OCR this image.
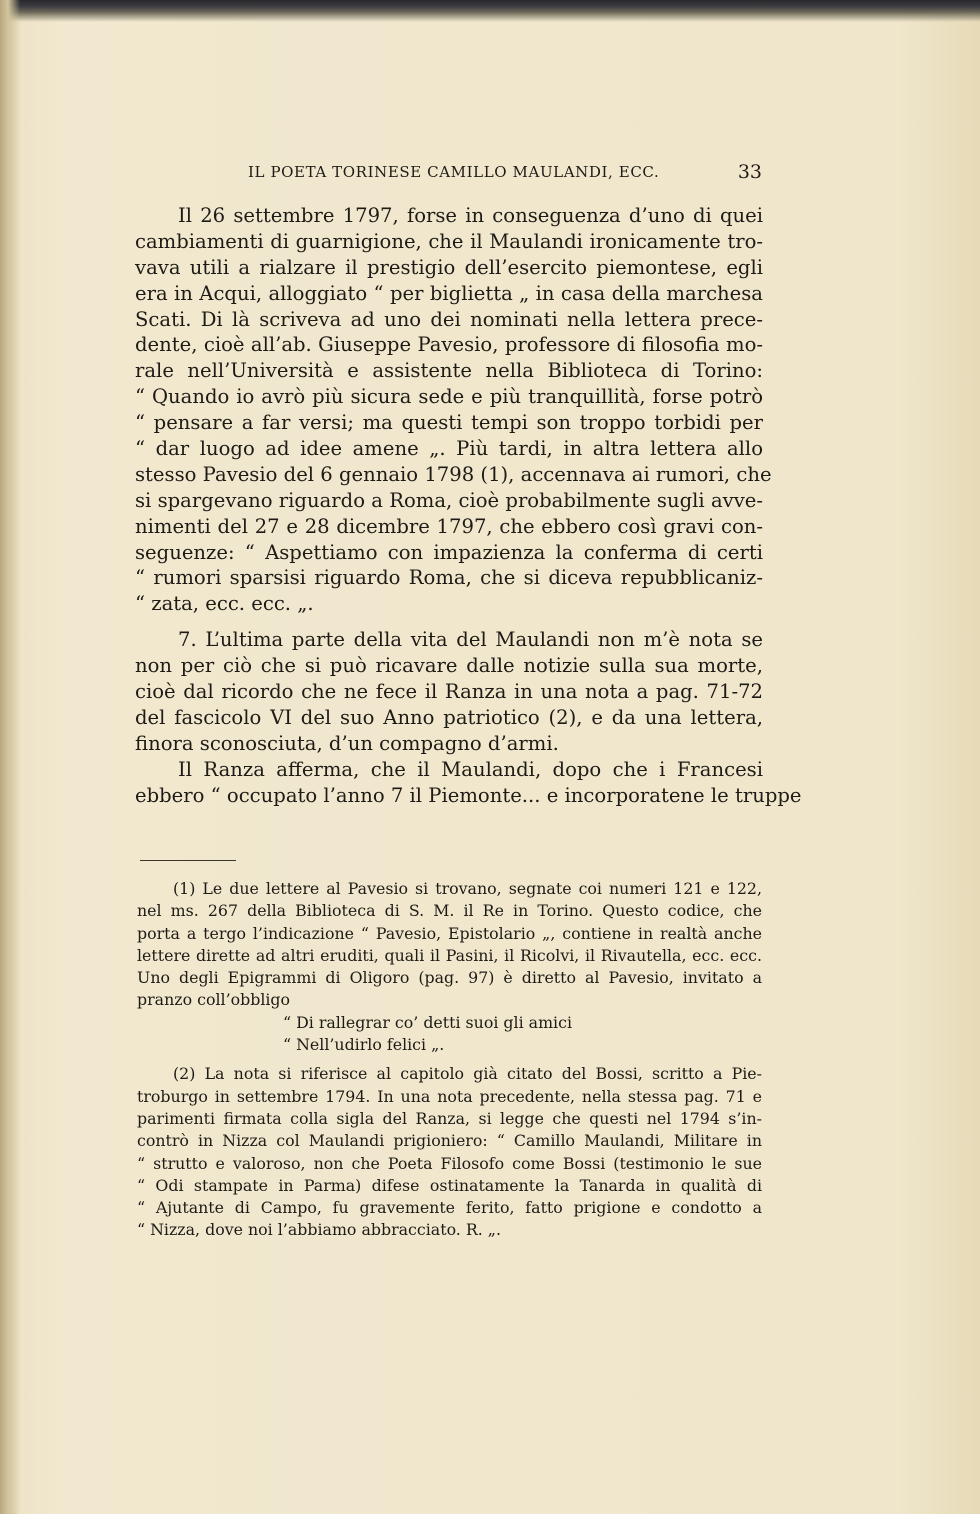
IL POETA TORINESE CAMILLO MAULANDI, ECC.	33
Il 26 settembre 1797, forse in conseguenza d’uno di quei
cambiamenti di guarnigione, che il Maulandi ironicamente tro-
vava utili a rialzare il prestigio dell’esercito piemontese, egli
era in Acqui, alloggiato “ per biglietta „ in casa della marchesa
Scati. Di là scriveva ad uno dei nominati nella lettera prece-
dente, cioè all’ab. Giuseppe Pavesio, professore di filosofia mo-
rale nell’Università e assistente nella Biblioteca di Torino:
“ Quando io avrò più sicura sede e più tranquillità, forse potrò
“ pensare a far versi; ma questi tempi son troppo torbidi per
“ dar luogo ad idee amene „. Più tardi, in altra lettera allo
stesso Pavesio del 6 gennaio 1798 (1), accennava ai rumori, che
si spargevano riguardo a Roma, cioè probabilmente sugli avve-
nimenti del 27 e 28 dicembre 1797, che ebbero così gravi con-
seguenze: “ Aspettiamo con impazienza la conferma di certi
“ rumori sparsisi riguardo Roma, che si diceva repubblicaniz-
“ zata, ecc. ecc. „.
7. L’ultima parte della vita del Maulandi non m’è nota se
non per ciò che si può ricavare dalle notizie sulla sua morte,
cioè dal ricordo che ne fece il Ranza in una nota a pag. 71-72
del fascicolo VI del suo Anno patriotico (2), e da una lettera,
finora sconosciuta, d’un compagno d’armi.
Il Ranza afferma, che il Maulandi, dopo che i Francesi
ebbero “ occupato l’anno 7 il Piemonte... e incorporatene le truppe
(1) Le due lettere al Pavesio si trovano, segnate coi numeri 121 e 122,
nel ms. 267 della Biblioteca di S. M. il Re in Torino. Questo codice, che
porta a tergo l’indicazione “ Pavesio, Epistolario „, contiene in realtà anche
lettere dirette ad altri eruditi, quali il Pasini, il Ricolvi, il Rivautella, ecc. ecc.
Uno degli Epigrammi di Oligoro (pag. 97) è diretto al Pavesio, invitato a
pranzo coll’obbligo
“ Di rallegrar co’ detti suoi gli amici
“ Nell’udirlo felici „.
(2) La nota si riferisce al capitolo già citato del Bossi, scritto a Pie-
troburgo in settembre 1794. In una nota precedente, nella stessa pag. 71 e
parimenti firmata colla sigla del Ranza, si legge che questi nel 1794 s’in-
contrò in Nizza col Maulandi prigioniero: “ Camillo Maulandi, Militare in
“ strutto e valoroso, non che Poeta Filosofo come Bossi (testimonio le sue
“ Odi stampate in Parma) difese ostinatamente la Tanarda in qualità di
“ Ajutante di Campo, fu gravemente ferito, fatto prigione e condotto a
“ Nizza, dove noi l’abbiamo abbracciato. R. „.
